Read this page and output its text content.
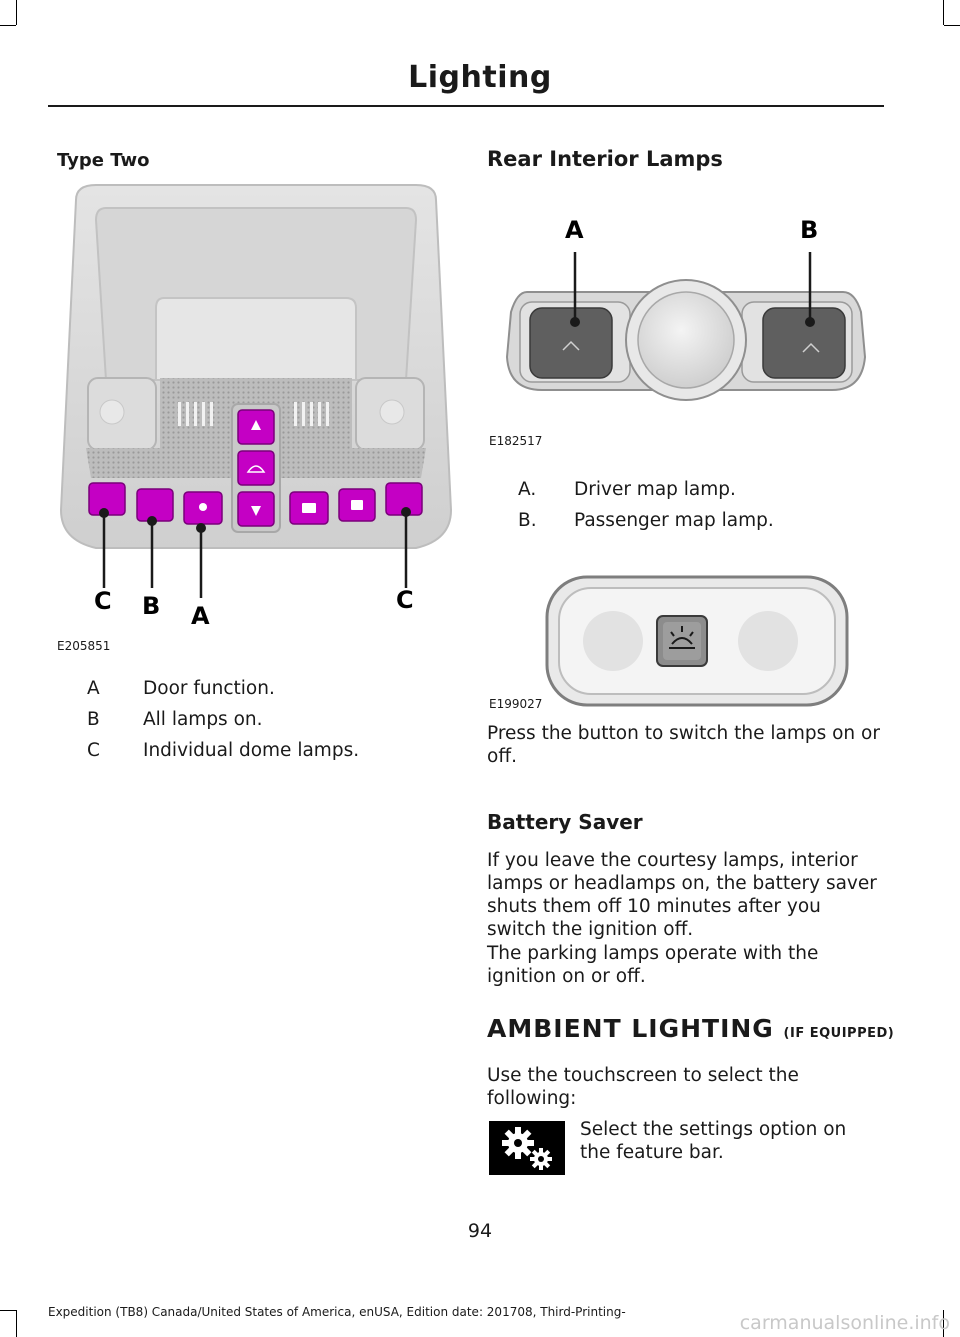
Lighting
Type Two
C B A
C
E205851
A Door function.
B All lamps on.
C Individual dome lamps.
Rear Interior Lamps
A	B
E182517
A. Driver map lamp.
B. Passenger map lamp.
E199027
Press the button to switch the lamps on or off.
Battery Saver
If you leave the courtesy lamps, interior lamps or headlamps on, the battery saver shuts them off 10 minutes after you switch the ignition off.
The parking lamps operate with the ignition on or off.
AMBIENT LIGHTING (IF EQUIPPED)
Use the touchscreen to select the following:
Select the settings option on the feature bar.
94
Expedition (TB8) Canada/United States of America, enUSA, Edition date: 201708, Third-Printing-	carmanualsonline.info
